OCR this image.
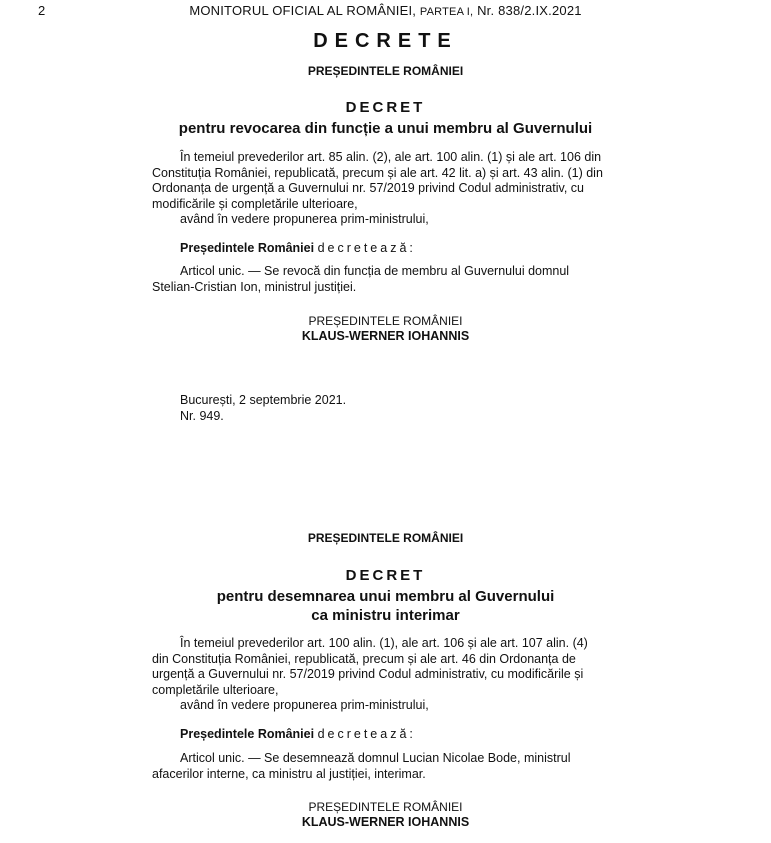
2	MONITORUL OFICIAL AL ROMÂNIEI, PARTEA I, Nr. 838/2.IX.2021
DECRETE
PREȘEDINTELE ROMÂNIEI
DECRET
pentru revocarea din funcție a unui membru al Guvernului
În temeiul prevederilor art. 85 alin. (2), ale art. 100 alin. (1) și ale art. 106 din
Constituția României, republicată, precum și ale art. 42 lit. a) și art. 43 alin. (1) din
Ordonanța de urgență a Guvernului nr. 57/2019 privind Codul administrativ, cu
modificările și completările ulterioare,
având în vedere propunerea prim-ministrului,
Președintele României decretează:
Articol unic. — Se revocă din funcția de membru al Guvernului domnul
Stelian-Cristian Ion, ministrul justiției.
PREȘEDINTELE ROMÂNIEI
KLAUS-WERNER IOHANNIS
București, 2 septembrie 2021.
Nr. 949.
PREȘEDINTELE ROMÂNIEI
DECRET
pentru desemnarea unui membru al Guvernului
ca ministru interimar
În temeiul prevederilor art. 100 alin. (1), ale art. 106 și ale art. 107 alin. (4)
din Constituția României, republicată, precum și ale art. 46 din Ordonanța de
urgență a Guvernului nr. 57/2019 privind Codul administrativ, cu modificările și
completările ulterioare,
având în vedere propunerea prim-ministrului,
Președintele României decretează:
Articol unic. — Se desemnează domnul Lucian Nicolae Bode, ministrul
afacerilor interne, ca ministru al justiției, interimar.
PREȘEDINTELE ROMÂNIEI
KLAUS-WERNER IOHANNIS
